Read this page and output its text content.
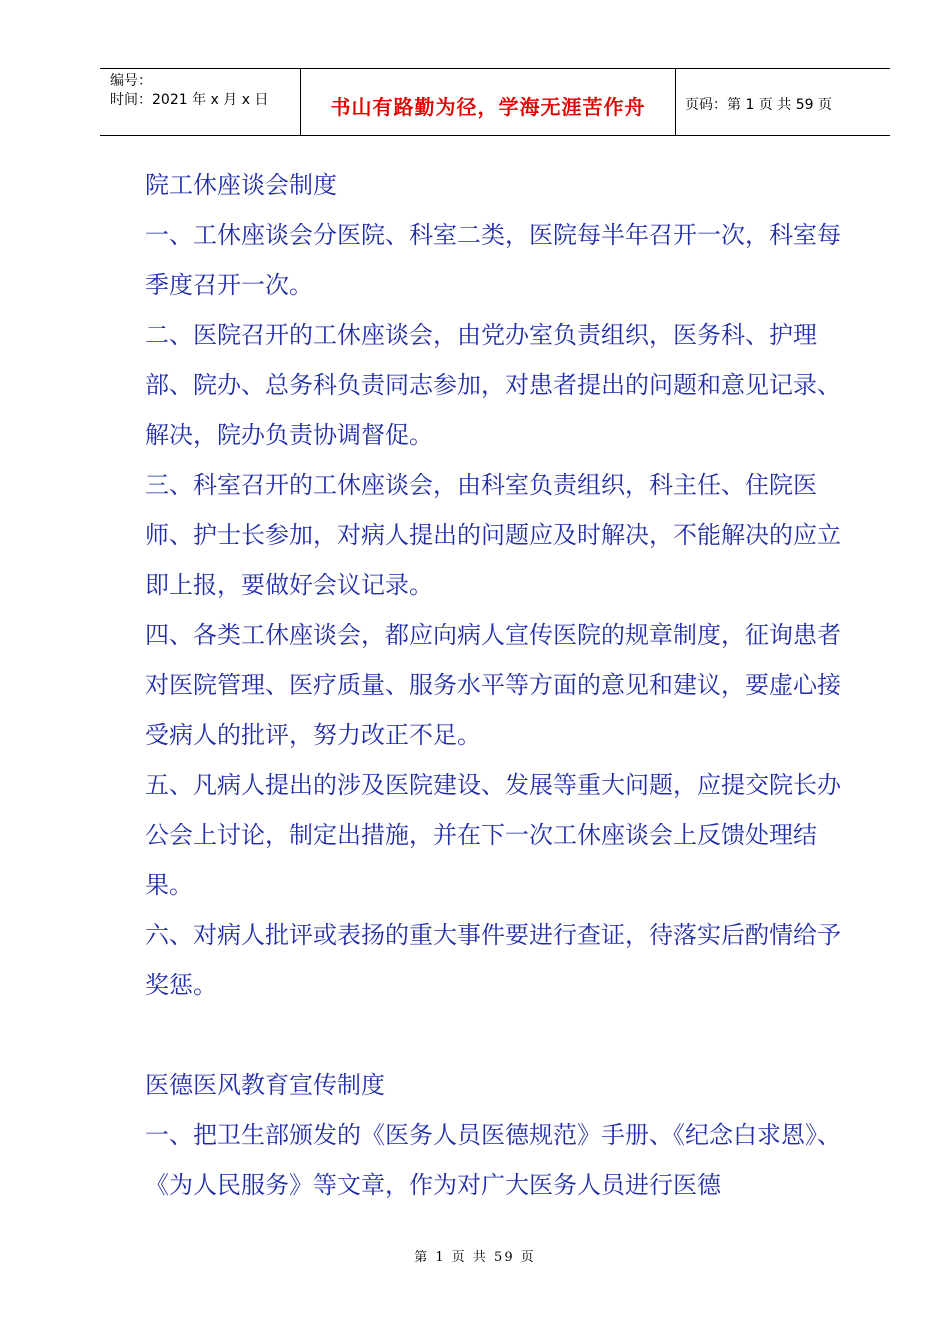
编号：
时间：2021 年 x 月 x 日	书山有路勤为径，学海无涯苦作舟	页码：第 1 页 共 59 页

院工休座谈会制度

一、工休座谈会分医院、科室二类，医院每半年召开一次，科室每季度召开一次。

二、医院召开的工休座谈会，由党办室负责组织，医务科、护理部、院办、总务科负责同志参加，对患者提出的问题和意见记录、解决，院办负责协调督促。

三、科室召开的工休座谈会，由科室负责组织，科主任、住院医师、护士长参加，对病人提出的问题应及时解决，不能解决的应立即上报，要做好会议记录。

四、各类工休座谈会，都应向病人宣传医院的规章制度，征询患者对医院管理、医疗质量、服务水平等方面的意见和建议，要虚心接受病人的批评，努力改正不足。

五、凡病人提出的涉及医院建设、发展等重大问题，应提交院长办公会上讨论，制定出措施，并在下一次工休座谈会上反馈处理结果。

六、对病人批评或表扬的重大事件要进行查证，待落实后酌情给予奖惩。

医德医风教育宣传制度

一、把卫生部颁发的《医务人员医德规范》手册、《纪念白求恩》、《为人民服务》等文章，作为对广大医务人员进行医德

第 1 页 共 59 页
